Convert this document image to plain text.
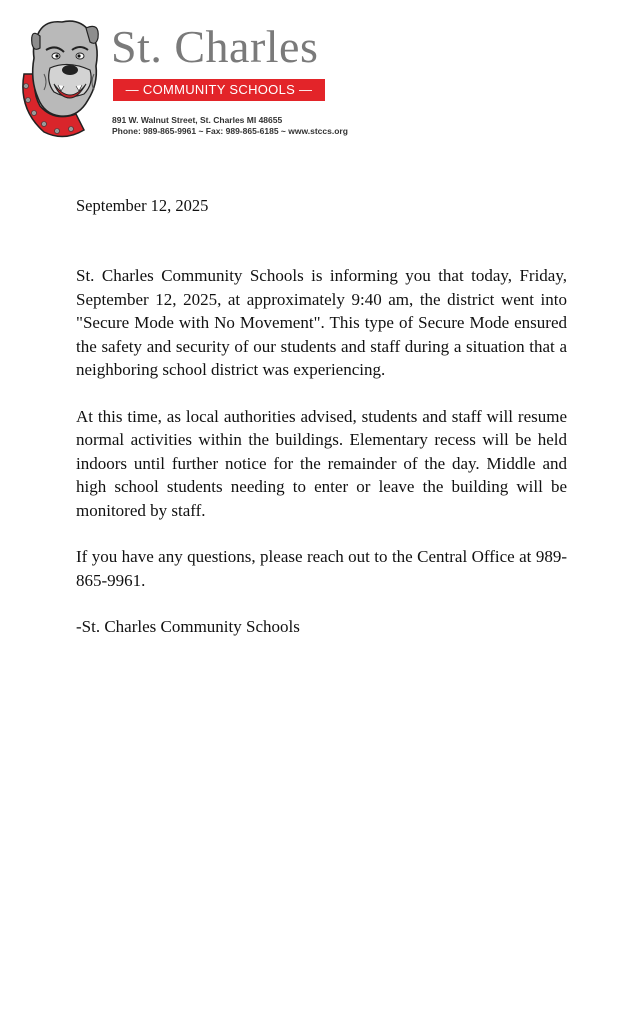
St. Charles
— COMMUNITY SCHOOLS —
891 W. Walnut Street, St. Charles MI 48655
Phone: 989-865-9961 ~ Fax: 989-865-6185 ~ www.stccs.org
September 12, 2025

St. Charles Community Schools is informing you that today, Friday, September 12, 2025, at approximately 9:40 am, the district went into "Secure Mode with No Movement". This type of Secure Mode ensured the safety and security of our students and staff during a situation that a neighboring school district was experiencing.

At this time, as local authorities advised, students and staff will resume normal activities within the buildings. Elementary recess will be held indoors until further notice for the remainder of the day. Middle and high school students needing to enter or leave the building will be monitored by staff.

If you have any questions, please reach out to the Central Office at 989-865-9961.

-St. Charles Community Schools
